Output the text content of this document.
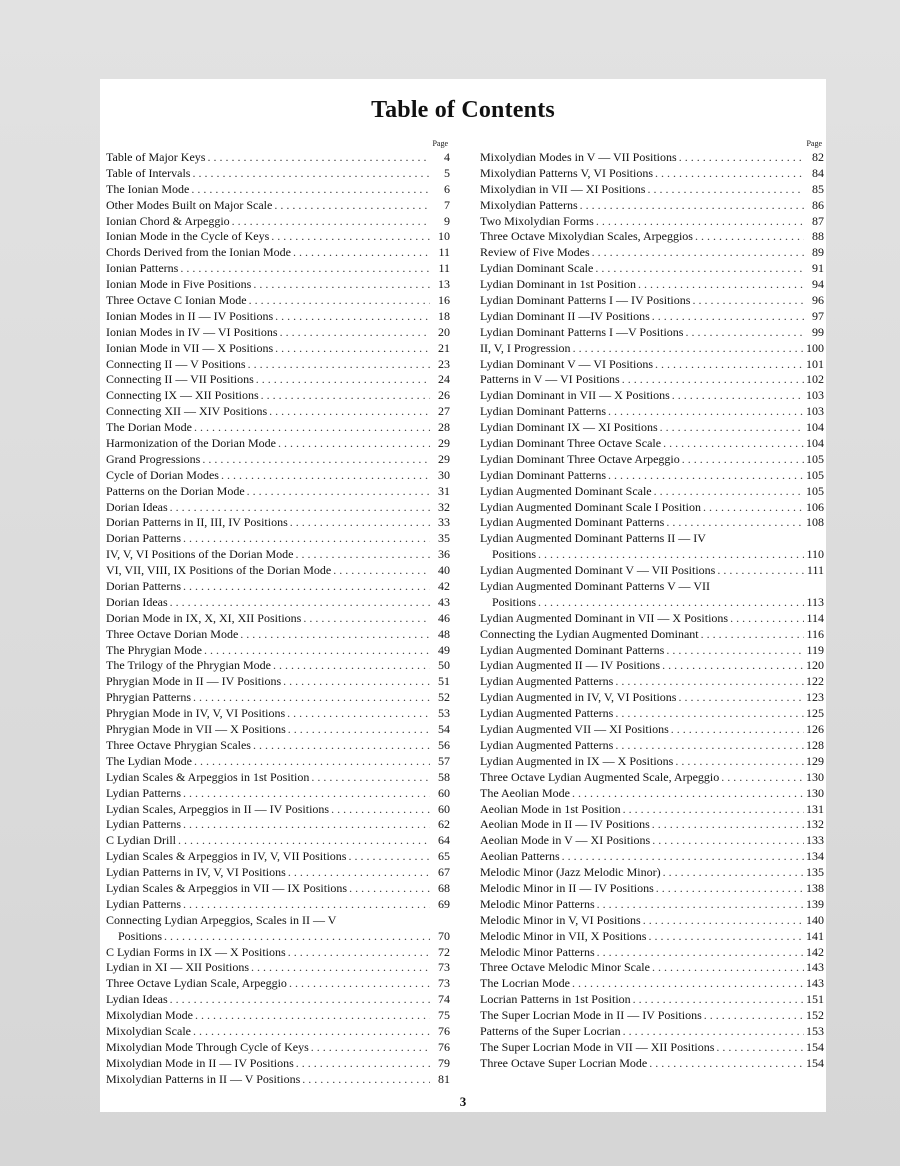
Table of Contents
Page
Table of Major Keys . . .	4
Table of Intervals . . .	5
The Ionian Mode . . .	6
Other Modes Built on Major Scale . . .	7
Ionian Chord & Arpeggio . . .	9
Ionian Mode in the Cycle of Keys . . .	10
Chords Derived from the Ionian Mode . . .	11
Ionian Patterns . . .	11
Ionian Mode in Five Positions . . .	13
Three Octave C Ionian Mode . . .	16
Ionian Modes in II — IV Positions . . .	18
Ionian Modes in IV — VI Positions . . .	20
Ionian Mode in VII — X Positions . . .	21
Connecting II — V Positions . . .	23
Connecting II — VII Positions . . .	24
Connecting IX — XII Positions . . .	26
Connecting XII — XIV Positions . . .	27
The Dorian Mode . . .	28
Harmonization of the Dorian Mode . . .	29
Grand Progressions . . .	29
Cycle of Dorian Modes . . .	30
Patterns on the Dorian Mode . . .	31
Dorian Ideas . . .	32
Dorian Patterns in II, III, IV Positions . . .	33
Dorian Patterns . . .	35
IV, V, VI Positions of the Dorian Mode . . .	36
VI, VII, VIII, IX Positions of the Dorian Mode . . .	40
Dorian Patterns . . .	42
Dorian Ideas . . .	43
Dorian Mode in IX, X, XI, XII Positions . . .	46
Three Octave Dorian Mode . . .	48
The Phrygian Mode . . .	49
The Trilogy of the Phrygian Mode . . .	50
Phrygian Mode in II — IV Positions . . .	51
Phrygian Patterns . . .	52
Phrygian Mode in IV, V, VI Positions . . .	53
Phrygian Mode in VII — X Positions . . .	54
Three Octave Phrygian Scales . . .	56
The Lydian Mode . . .	57
Lydian Scales & Arpeggios in 1st Position . . .	58
Lydian Patterns . . .	60
Lydian Scales, Arpeggios in II — IV Positions . . .	60
Lydian Patterns . . .	62
C Lydian Drill . . .	64
Lydian Scales & Arpeggios in IV, V, VII Positions . . .	65
Lydian Patterns in IV, V, VI Positions . . .	67
Lydian Scales & Arpeggios in VII — IX Positions . . .	68
Lydian Patterns . . .	69
Connecting Lydian Arpeggios, Scales in II — V
Positions . . .	70
C Lydian Forms in IX — X Positions . . .	72
Lydian in XI — XII Positions . . .	73
Three Octave Lydian Scale, Arpeggio . . .	73
Lydian Ideas . . .	74
Mixolydian Mode . . .	75
Mixolydian Scale . . .	76
Mixolydian Mode Through Cycle of Keys . . .	76
Mixolydian Mode in II — IV Positions . . .	79
Mixolydian Patterns in II — V Positions . . .	81
Page
Mixolydian Modes in V — VII Positions . . .	82
Mixolydian Patterns V, VI Positions . . .	84
Mixolydian in VII — XI Positions . . .	85
Mixolydian Patterns . . .	86
Two Mixolydian Forms . . .	87
Three Octave Mixolydian Scales, Arpeggios . . .	88
Review of Five Modes . . .	89
Lydian Dominant Scale . . .	91
Lydian Dominant in 1st Position . . .	94
Lydian Dominant Patterns I — IV Positions . . .	96
Lydian Dominant II —IV Positions . . .	97
Lydian Dominant Patterns I —V Positions . . .	99
II, V, I Progression . . .	100
Lydian Dominant V — VI Positions . . .	101
Patterns in V — VI Positions . . .	102
Lydian Dominant in VII — X Positions . . .	103
Lydian Dominant Patterns . . .	103
Lydian Dominant IX — XI Positions . . .	104
Lydian Dominant Three Octave Scale . . .	104
Lydian Dominant Three Octave Arpeggio . . .	105
Lydian Dominant Patterns . . .	105
Lydian Augmented Dominant Scale . . .	105
Lydian Augmented Dominant Scale I Position . . .	106
Lydian Augmented Dominant Patterns . . .	108
Lydian Augmented Dominant Patterns II — IV
Positions . . .	110
Lydian Augmented Dominant V — VII Positions . . .	111
Lydian Augmented Dominant Patterns V — VII
Positions . . .	113
Lydian Augmented Dominant in VII — X Positions . . .	114
Connecting the Lydian Augmented Dominant . . .	116
Lydian Augmented Dominant Patterns . . .	119
Lydian Augmented II — IV Positions . . .	120
Lydian Augmented Patterns . . .	122
Lydian Augmented in IV, V, VI Positions . . .	123
Lydian Augmented Patterns . . .	125
Lydian Augmented VII — XI Positions . . .	126
Lydian Augmented Patterns . . .	128
Lydian Augmented in IX — X Positions . . .	129
Three Octave Lydian Augmented Scale, Arpeggio . . .	130
The Aeolian Mode . . .	130
Aeolian Mode in 1st Position . . .	131
Aeolian Mode in II — IV Positions . . .	132
Aeolian Mode in V — XI Positions . . .	133
Aeolian Patterns . . .	134
Melodic Minor (Jazz Melodic Minor) . . .	135
Melodic Minor in II — IV Positions . . .	138
Melodic Minor Patterns . . .	139
Melodic Minor in V, VI Positions . . .	140
Melodic Minor in VII, X Positions . . .	141
Melodic Minor Patterns . . .	142
Three Octave Melodic Minor Scale . . .	143
The Locrian Mode . . .	143
Locrian Patterns in 1st Position . . .	151
The Super Locrian Mode in II — IV Positions . . .	152
Patterns of the Super Locrian . . .	153
The Super Locrian Mode in VII — XII Positions . . .	154
Three Octave Super Locrian Mode . . .	154
3
